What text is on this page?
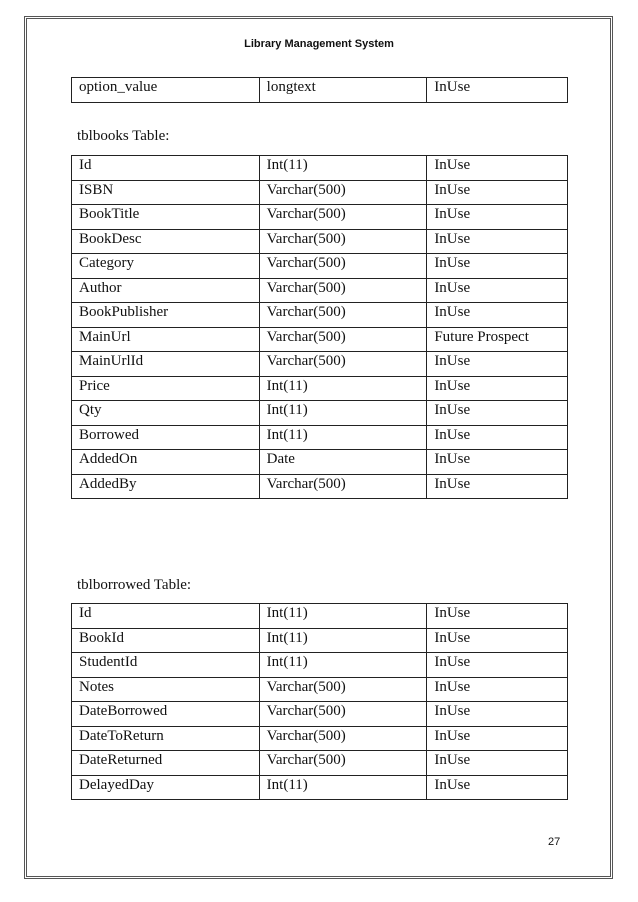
Library Management System
option_value	longtext	InUse
tblbooks Table:
Id	Int(11)	InUse
ISBN	Varchar(500)	InUse
BookTitle	Varchar(500)	InUse
BookDesc	Varchar(500)	InUse
Category	Varchar(500)	InUse
Author	Varchar(500)	InUse
BookPublisher	Varchar(500)	InUse
MainUrl	Varchar(500)	Future Prospect
MainUrlId	Varchar(500)	InUse
Price	Int(11)	InUse
Qty	Int(11)	InUse
Borrowed	Int(11)	InUse
AddedOn	Date	InUse
AddedBy	Varchar(500)	InUse
tblborrowed Table:
Id	Int(11)	InUse
BookId	Int(11)	InUse
StudentId	Int(11)	InUse
Notes	Varchar(500)	InUse
DateBorrowed	Varchar(500)	InUse
DateToReturn	Varchar(500)	InUse
DateReturned	Varchar(500)	InUse
DelayedDay	Int(11)	InUse
27
